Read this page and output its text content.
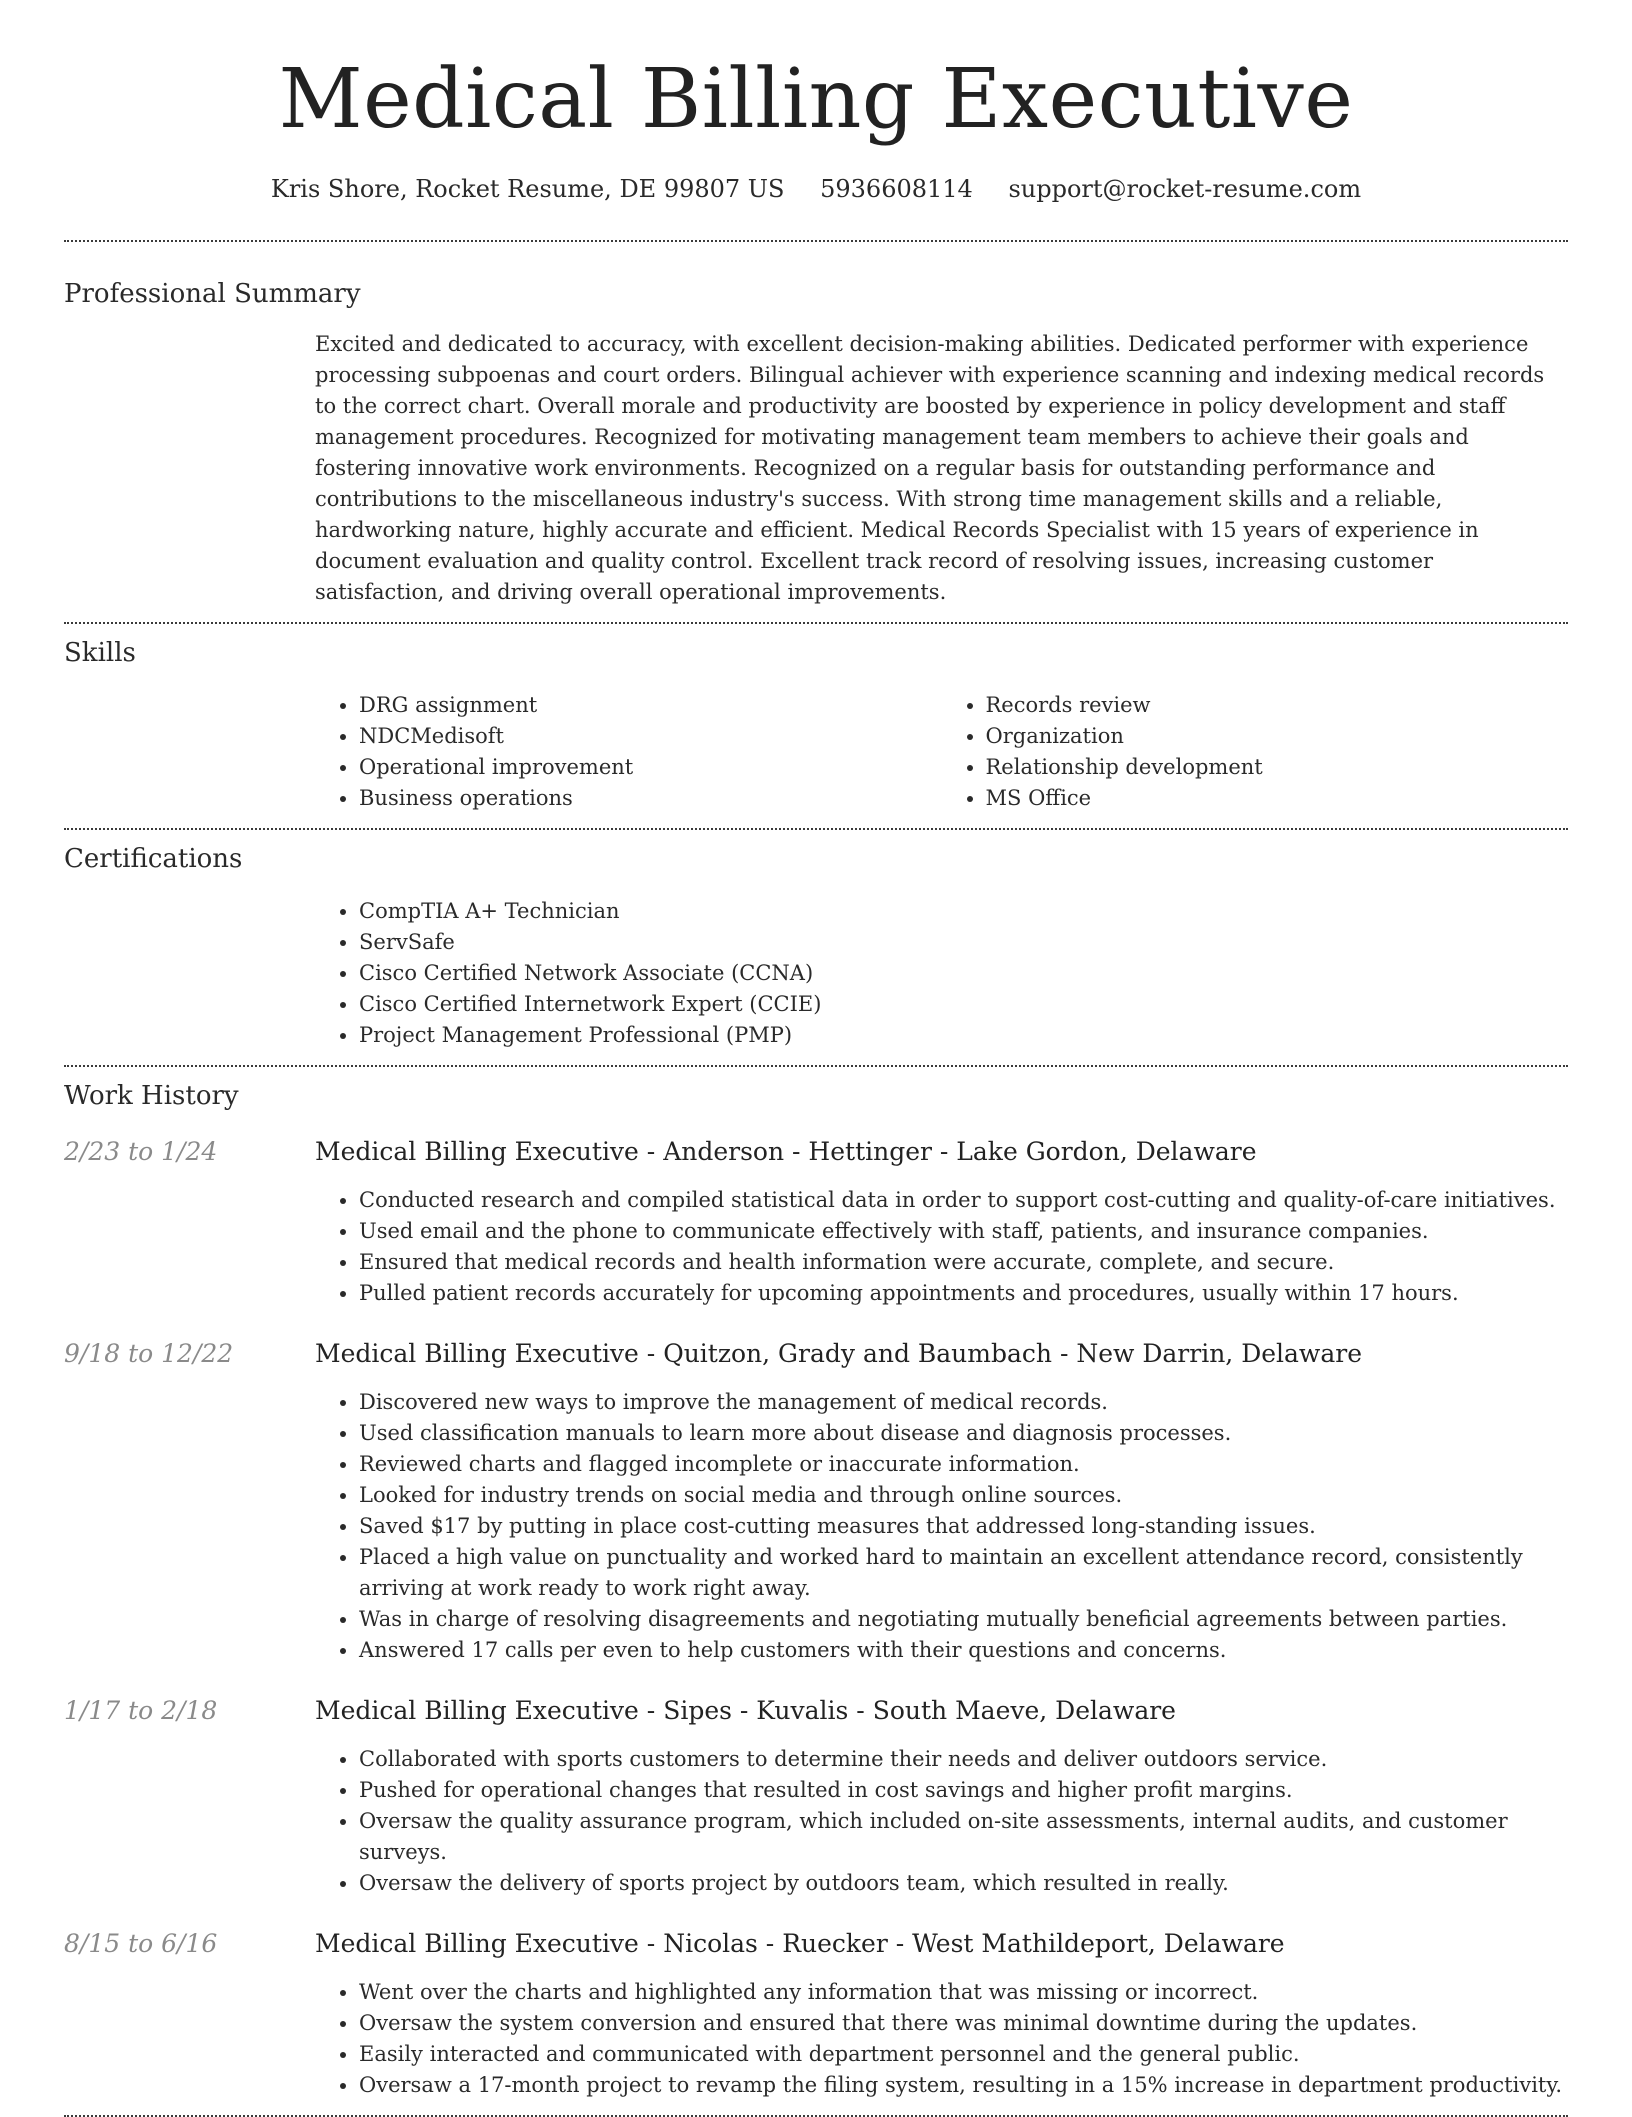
Medical Billing Executive
Kris Shore, Rocket Resume, DE 99807 US 5936608114 support@rocket-resume.com
Professional Summary

Excited and dedicated to accuracy, with excellent decision-making abilities. Dedicated performer with experience processing subpoenas and court orders. Bilingual achiever with experience scanning and indexing medical records to the correct chart. Overall morale and productivity are boosted by experience in policy development and staff management procedures. Recognized for motivating management team members to achieve their goals and fostering innovative work environments. Recognized on a regular basis for outstanding performance and contributions to the miscellaneous industry's success. With strong time management skills and a reliable, hardworking nature, highly accurate and efficient. Medical Records Specialist with 15 years of experience in document evaluation and quality control. Excellent track record of resolving issues, increasing customer satisfaction, and driving overall operational improvements.

Skills
• DRG assignment
• NDCMedisoft
• Operational improvement
• Business operations
• Records review
• Organization
• Relationship development
• MS Office
Certifications
• CompTIA A+ Technician
• ServSafe
• Cisco Certified Network Associate (CCNA)
• Cisco Certified Internetwork Expert (CCIE)
• Project Management Professional (PMP)
Work History
2/23 to 1/24	Medical Billing Executive - Anderson - Hettinger - Lake Gordon, Delaware
• Conducted research and compiled statistical data in order to support cost-cutting and quality-of-care initiatives.
• Used email and the phone to communicate effectively with staff, patients, and insurance companies.
• Ensured that medical records and health information were accurate, complete, and secure.
• Pulled patient records accurately for upcoming appointments and procedures, usually within 17 hours.
9/18 to 12/22	Medical Billing Executive - Quitzon, Grady and Baumbach - New Darrin, Delaware
• Discovered new ways to improve the management of medical records.
• Used classification manuals to learn more about disease and diagnosis processes.
• Reviewed charts and flagged incomplete or inaccurate information.
• Looked for industry trends on social media and through online sources.
• Saved $17 by putting in place cost-cutting measures that addressed long-standing issues.
• Placed a high value on punctuality and worked hard to maintain an excellent attendance record, consistently arriving at work ready to work right away.
• Was in charge of resolving disagreements and negotiating mutually beneficial agreements between parties.
• Answered 17 calls per even to help customers with their questions and concerns.
1/17 to 2/18	Medical Billing Executive - Sipes - Kuvalis - South Maeve, Delaware
• Collaborated with sports customers to determine their needs and deliver outdoors service.
• Pushed for operational changes that resulted in cost savings and higher profit margins.
• Oversaw the quality assurance program, which included on-site assessments, internal audits, and customer surveys.
• Oversaw the delivery of sports project by outdoors team, which resulted in really.
8/15 to 6/16	Medical Billing Executive - Nicolas - Ruecker - West Mathildeport, Delaware
• Went over the charts and highlighted any information that was missing or incorrect.
• Oversaw the system conversion and ensured that there was minimal downtime during the updates.
• Easily interacted and communicated with department personnel and the general public.
• Oversaw a 17-month project to revamp the filing system, resulting in a 15% increase in department productivity.
